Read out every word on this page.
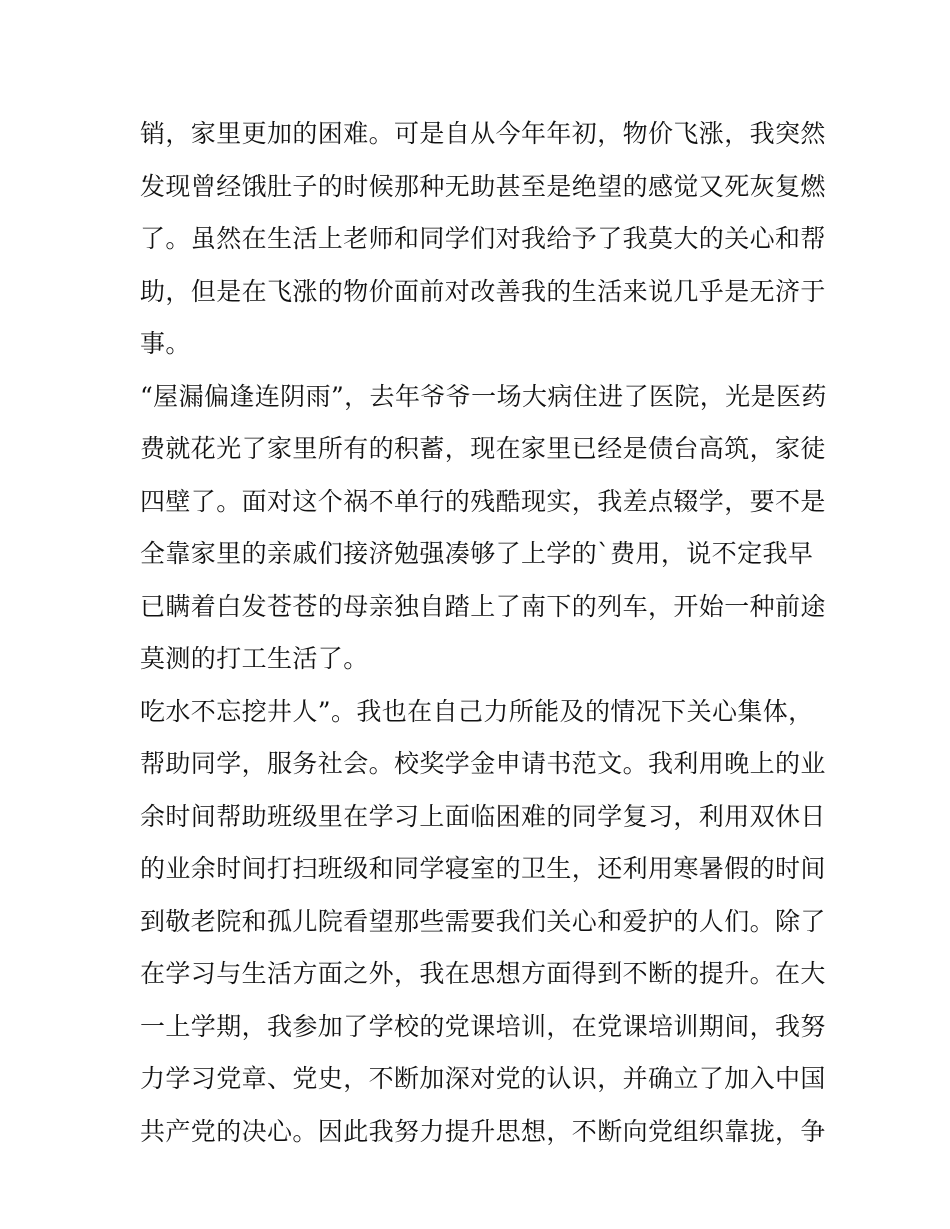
销，家里更加的困难。可是自从今年年初，物价飞涨，我突然
发现曾经饿肚子的时候那种无助甚至是绝望的感觉又死灰复燃
了。虽然在生活上老师和同学们对我给予了我莫大的关心和帮
助，但是在飞涨的物价面前对改善我的生活来说几乎是无济于
事。
“屋漏偏逢连阴雨”，去年爷爷一场大病住进了医院，光是医药
费就花光了家里所有的积蓄，现在家里已经是债台高筑，家徒
四壁了。面对这个祸不单行的残酷现实，我差点辍学，要不是
全靠家里的亲戚们接济勉强凑够了上学的`费用，说不定我早
已瞒着白发苍苍的母亲独自踏上了南下的列车，开始一种前途
莫测的打工生活了。
吃水不忘挖井人”。我也在自己力所能及的情况下关心集体，
帮助同学，服务社会。校奖学金申请书范文。我利用晚上的业
余时间帮助班级里在学习上面临困难的同学复习，利用双休日
的业余时间打扫班级和同学寝室的卫生，还利用寒暑假的时间
到敬老院和孤儿院看望那些需要我们关心和爱护的人们。除了
在学习与生活方面之外，我在思想方面得到不断的提升。在大
一上学期，我参加了学校的党课培训，在党课培训期间，我努
力学习党章、党史，不断加深对党的认识，并确立了加入中国
共产党的决心。因此我努力提升思想，不断向党组织靠拢，争
